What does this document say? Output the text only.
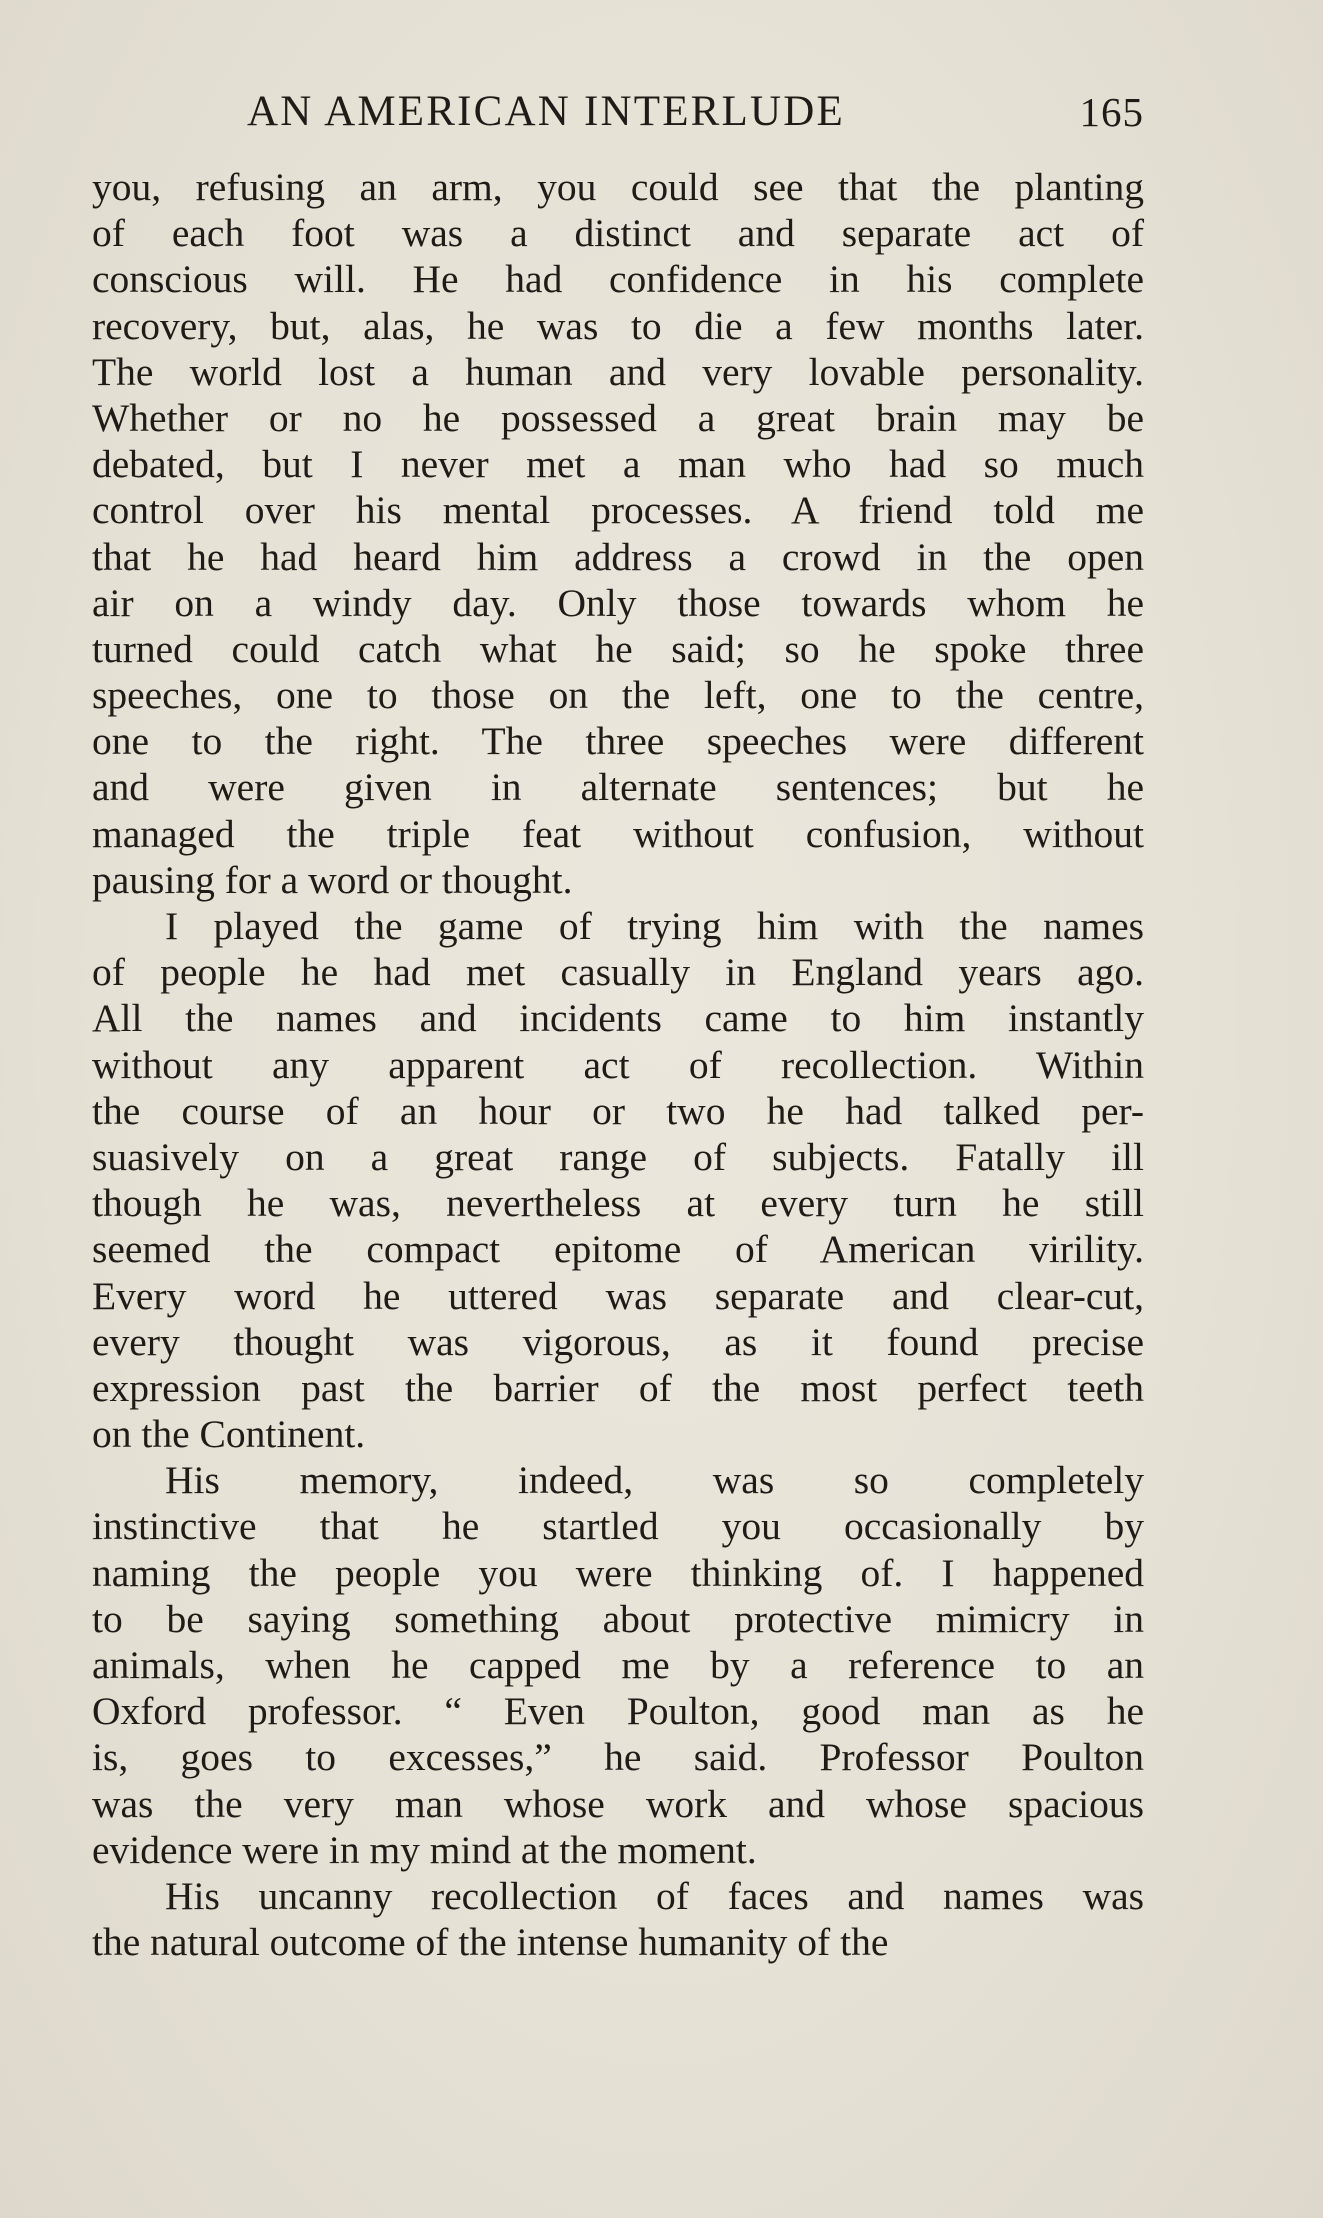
AN AMERICAN INTERLUDE	165
you, refusing an arm, you could see that the planting
of each foot was a distinct and separate act of
conscious will. He had confidence in his complete
recovery, but, alas, he was to die a few months later.
The world lost a human and very lovable personality.
Whether or no he possessed a great brain may be
debated, but I never met a man who had so much
control over his mental processes. A friend told me
that he had heard him address a crowd in the open
air on a windy day. Only those towards whom he
turned could catch what he said; so he spoke three
speeches, one to those on the left, one to the centre,
one to the right. The three speeches were different
and were given in alternate sentences; but he
managed the triple feat without confusion, without
pausing for a word or thought.
I played the game of trying him with the names
of people he had met casually in England years ago.
All the names and incidents came to him instantly
without any apparent act of recollection. Within
the course of an hour or two he had talked per-
suasively on a great range of subjects. Fatally ill
though he was, nevertheless at every turn he still
seemed the compact epitome of American virility.
Every word he uttered was separate and clear-cut,
every thought was vigorous, as it found precise
expression past the barrier of the most perfect teeth
on the Continent.
His memory, indeed, was so completely
instinctive that he startled you occasionally by
naming the people you were thinking of. I happened
to be saying something about protective mimicry in
animals, when he capped me by a reference to an
Oxford professor. “ Even Poulton, good man as he
is, goes to excesses,” he said. Professor Poulton
was the very man whose work and whose spacious
evidence were in my mind at the moment.
His uncanny recollection of faces and names was
the natural outcome of the intense humanity of the
